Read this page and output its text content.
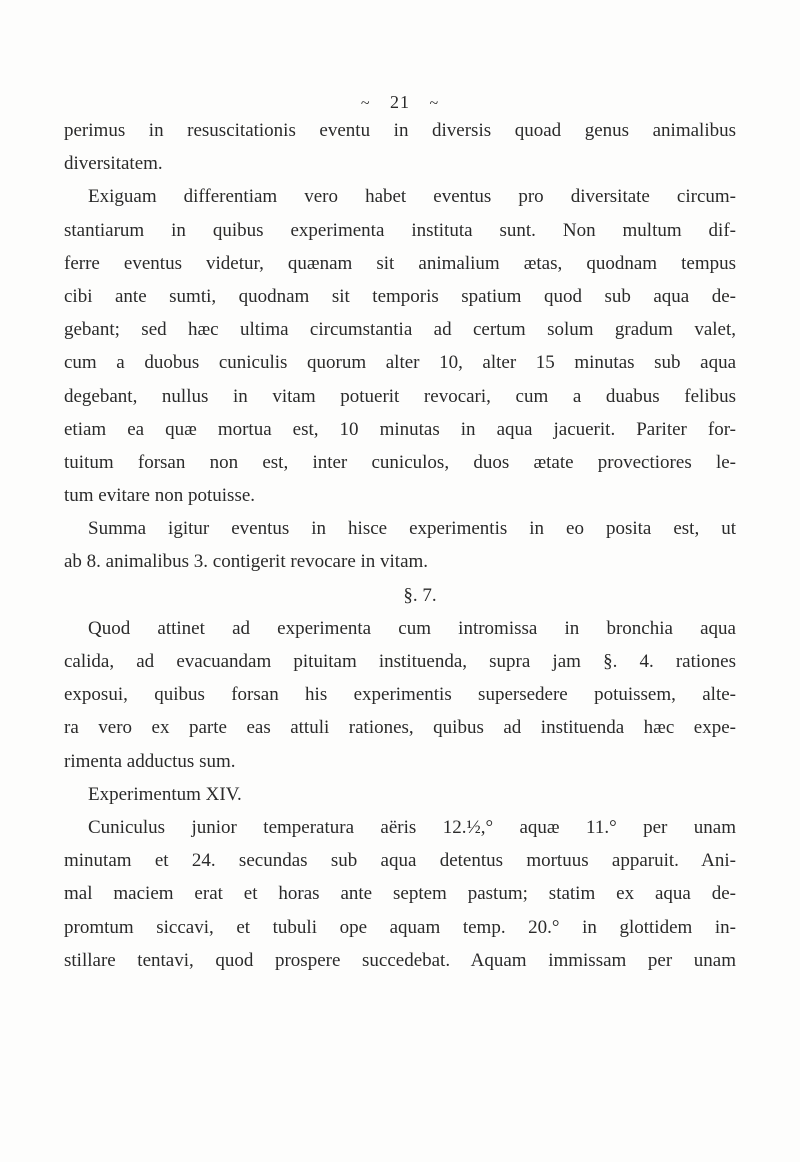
~ 21 ~
perimus in resuscitationis eventu in diversis quoad genus animalibus
diversitatem.
Exiguam differentiam vero habet eventus pro diversitate circum-
stantiarum in quibus experimenta instituta sunt. Non multum dif-
ferre eventus videtur, quænam sit animalium ætas, quodnam tempus
cibi ante sumti, quodnam sit temporis spatium quod sub aqua de-
gebant; sed hæc ultima circumstantia ad certum solum gradum valet,
cum a duobus cuniculis quorum alter 10, alter 15 minutas sub aqua
degebant, nullus in vitam potuerit revocari, cum a duabus felibus
etiam ea quæ mortua est, 10 minutas in aqua jacuerit. Pariter for-
tuitum forsan non est, inter cuniculos, duos ætate provectiores le-
tum evitare non potuisse.
Summa igitur eventus in hisce experimentis in eo posita est, ut
ab 8. animalibus 3. contigerit revocare in vitam.
§. 7.
Quod attinet ad experimenta cum intromissa in bronchia aqua
calida, ad evacuandam pituitam instituenda, supra jam §. 4. rationes
exposui, quibus forsan his experimentis supersedere potuissem, alte-
ra vero ex parte eas attuli rationes, quibus ad instituenda hæc expe-
rimenta adductus sum.
Experimentum XIV.
Cuniculus junior temperatura aëris 12.½,° aquæ 11.° per unam
minutam et 24. secundas sub aqua detentus mortuus apparuit. Ani-
mal maciem erat et horas ante septem pastum; statim ex aqua de-
promtum siccavi, et tubuli ope aquam temp. 20.° in glottidem in-
stillare tentavi, quod prospere succedebat. Aquam immissam per unam
